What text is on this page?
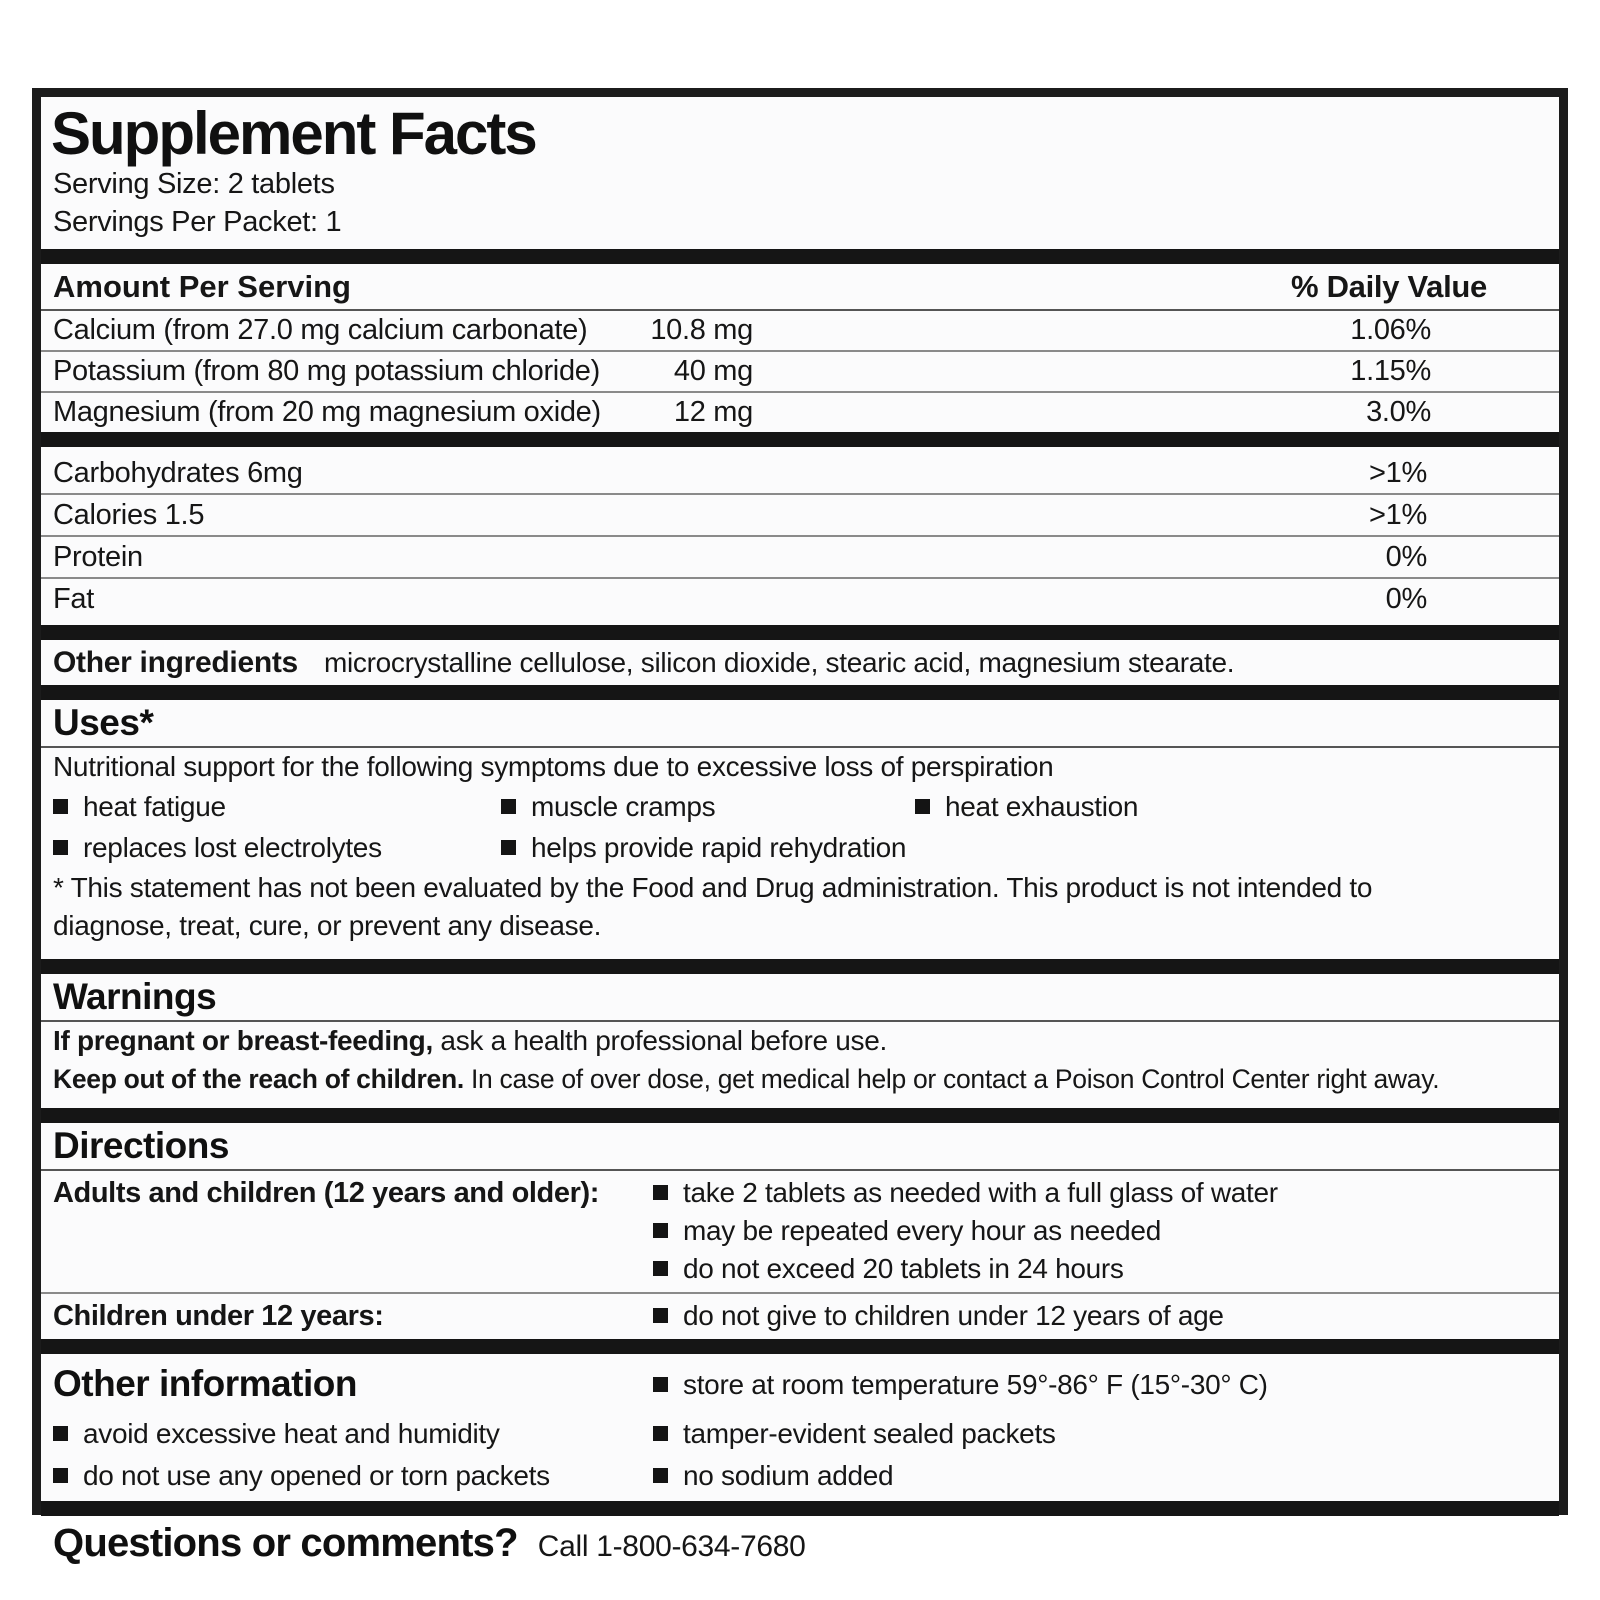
Supplement Facts
Serving Size: 2 tablets
Servings Per Packet: 1
Amount Per Serving	% Daily Value
Calcium (from 27.0 mg calcium carbonate)	10.8 mg	1.06%
Potassium (from 80 mg potassium chloride)	40 mg	1.15%
Magnesium (from 20 mg magnesium oxide)	12 mg	3.0%
Carbohydrates 6mg	>1%
Calories 1.5	>1%
Protein	0%
Fat	0%
Other ingredients microcrystalline cellulose, silicon dioxide, stearic acid, magnesium stearate.
Uses*
Nutritional support for the following symptoms due to excessive loss of perspiration
heat fatigue	muscle cramps	heat exhaustion
replaces lost electrolytes	helps provide rapid rehydration
* This statement has not been evaluated by the Food and Drug administration. This product is not intended to diagnose, treat, cure, or prevent any disease.
Warnings
If pregnant or breast-feeding, ask a health professional before use.
Keep out of the reach of children. In case of over dose, get medical help or contact a Poison Control Center right away.
Directions
Adults and children (12 years and older):	take 2 tablets as needed with a full glass of water
may be repeated every hour as needed
do not exceed 20 tablets in 24 hours
Children under 12 years:	do not give to children under 12 years of age
Other information	store at room temperature 59°-86° F (15°-30° C)
avoid excessive heat and humidity	tamper-evident sealed packets
do not use any opened or torn packets	no sodium added
Questions or comments? Call 1-800-634-7680
